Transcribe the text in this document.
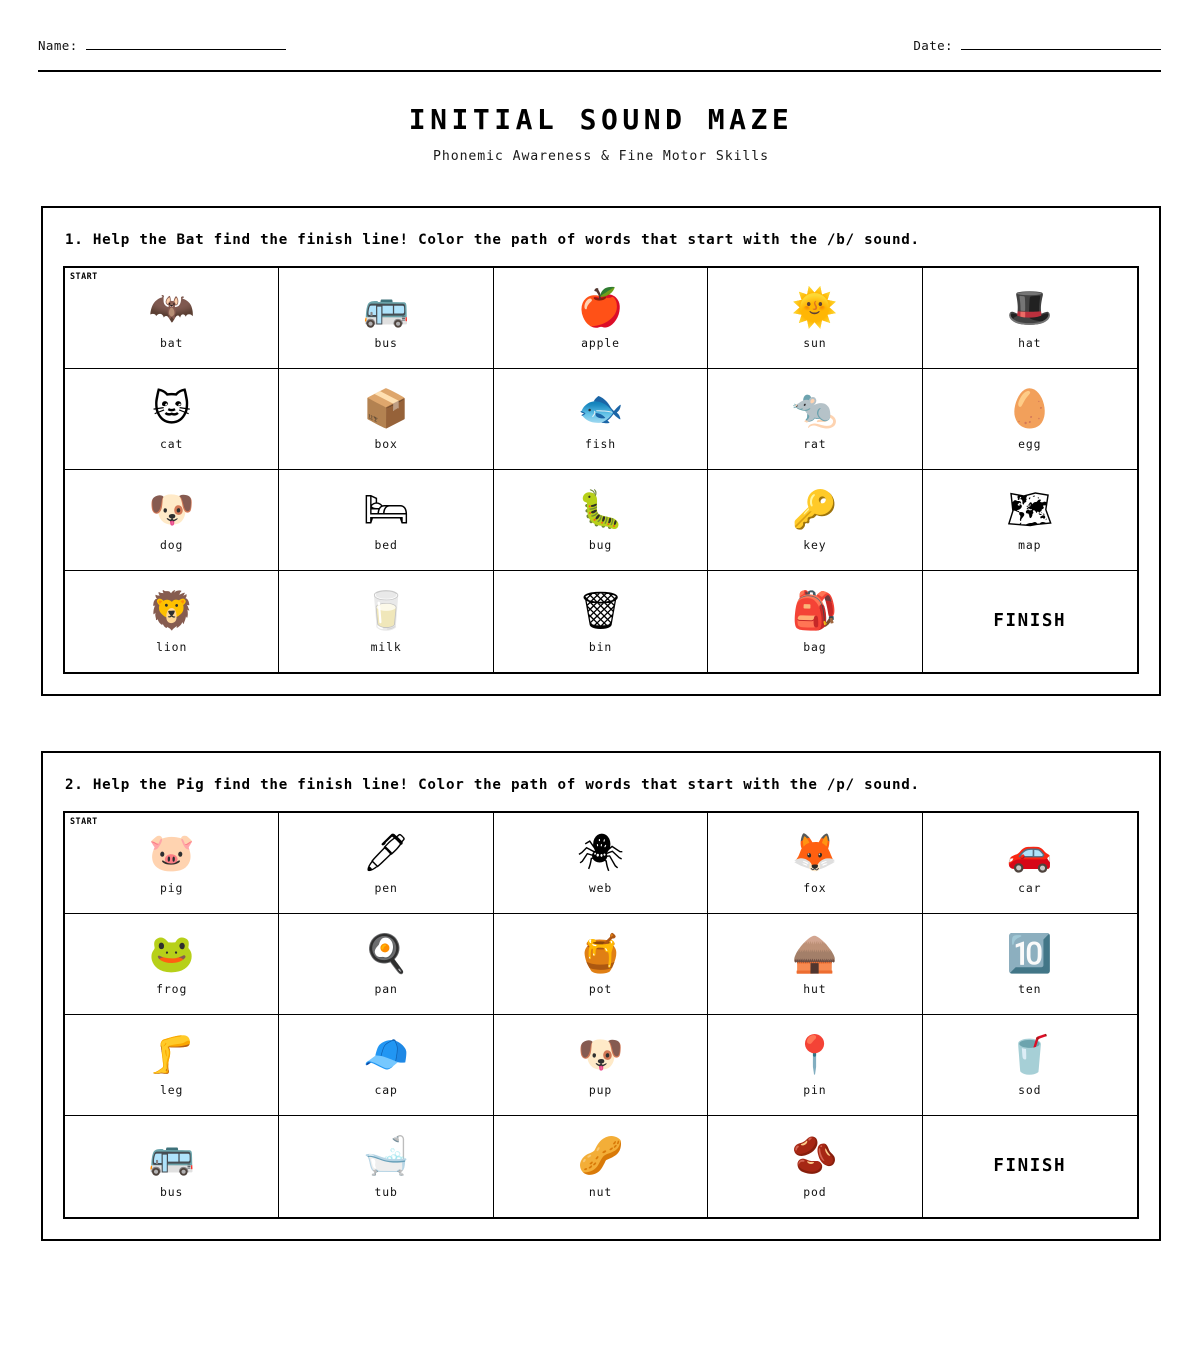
Name:	Date:
INITIAL SOUND MAZE
Phonemic Awareness & Fine Motor Skills
1. Help the Bat find the finish line! Color the path of words that start with the /b/ sound.
START
🦇
bat
🚌
bus
🍎
apple
🌞
sun
🎩
hat
🐱
cat
📦
box
🐟
fish
🐀
rat
🥚
egg
🐶
dog
🛏
bed
🐛
bug
🔑
key
🗺
map
🦁
lion
🥛
milk
🗑
bin
🎒
bag
FINISH
2. Help the Pig find the finish line! Color the path of words that start with the /p/ sound.
START
🐷
pig
🖊
pen
🕷
web
🦊
fox
🚗
car
🐸
frog
🍳
pan
🍯
pot
🛖
hut
🔟
ten
🦵
leg
🧢
cap
🐶
pup
📍
pin
🥤
sod
🚌
bus
🛁
tub
🥜
nut
🫘
pod
FINISH
